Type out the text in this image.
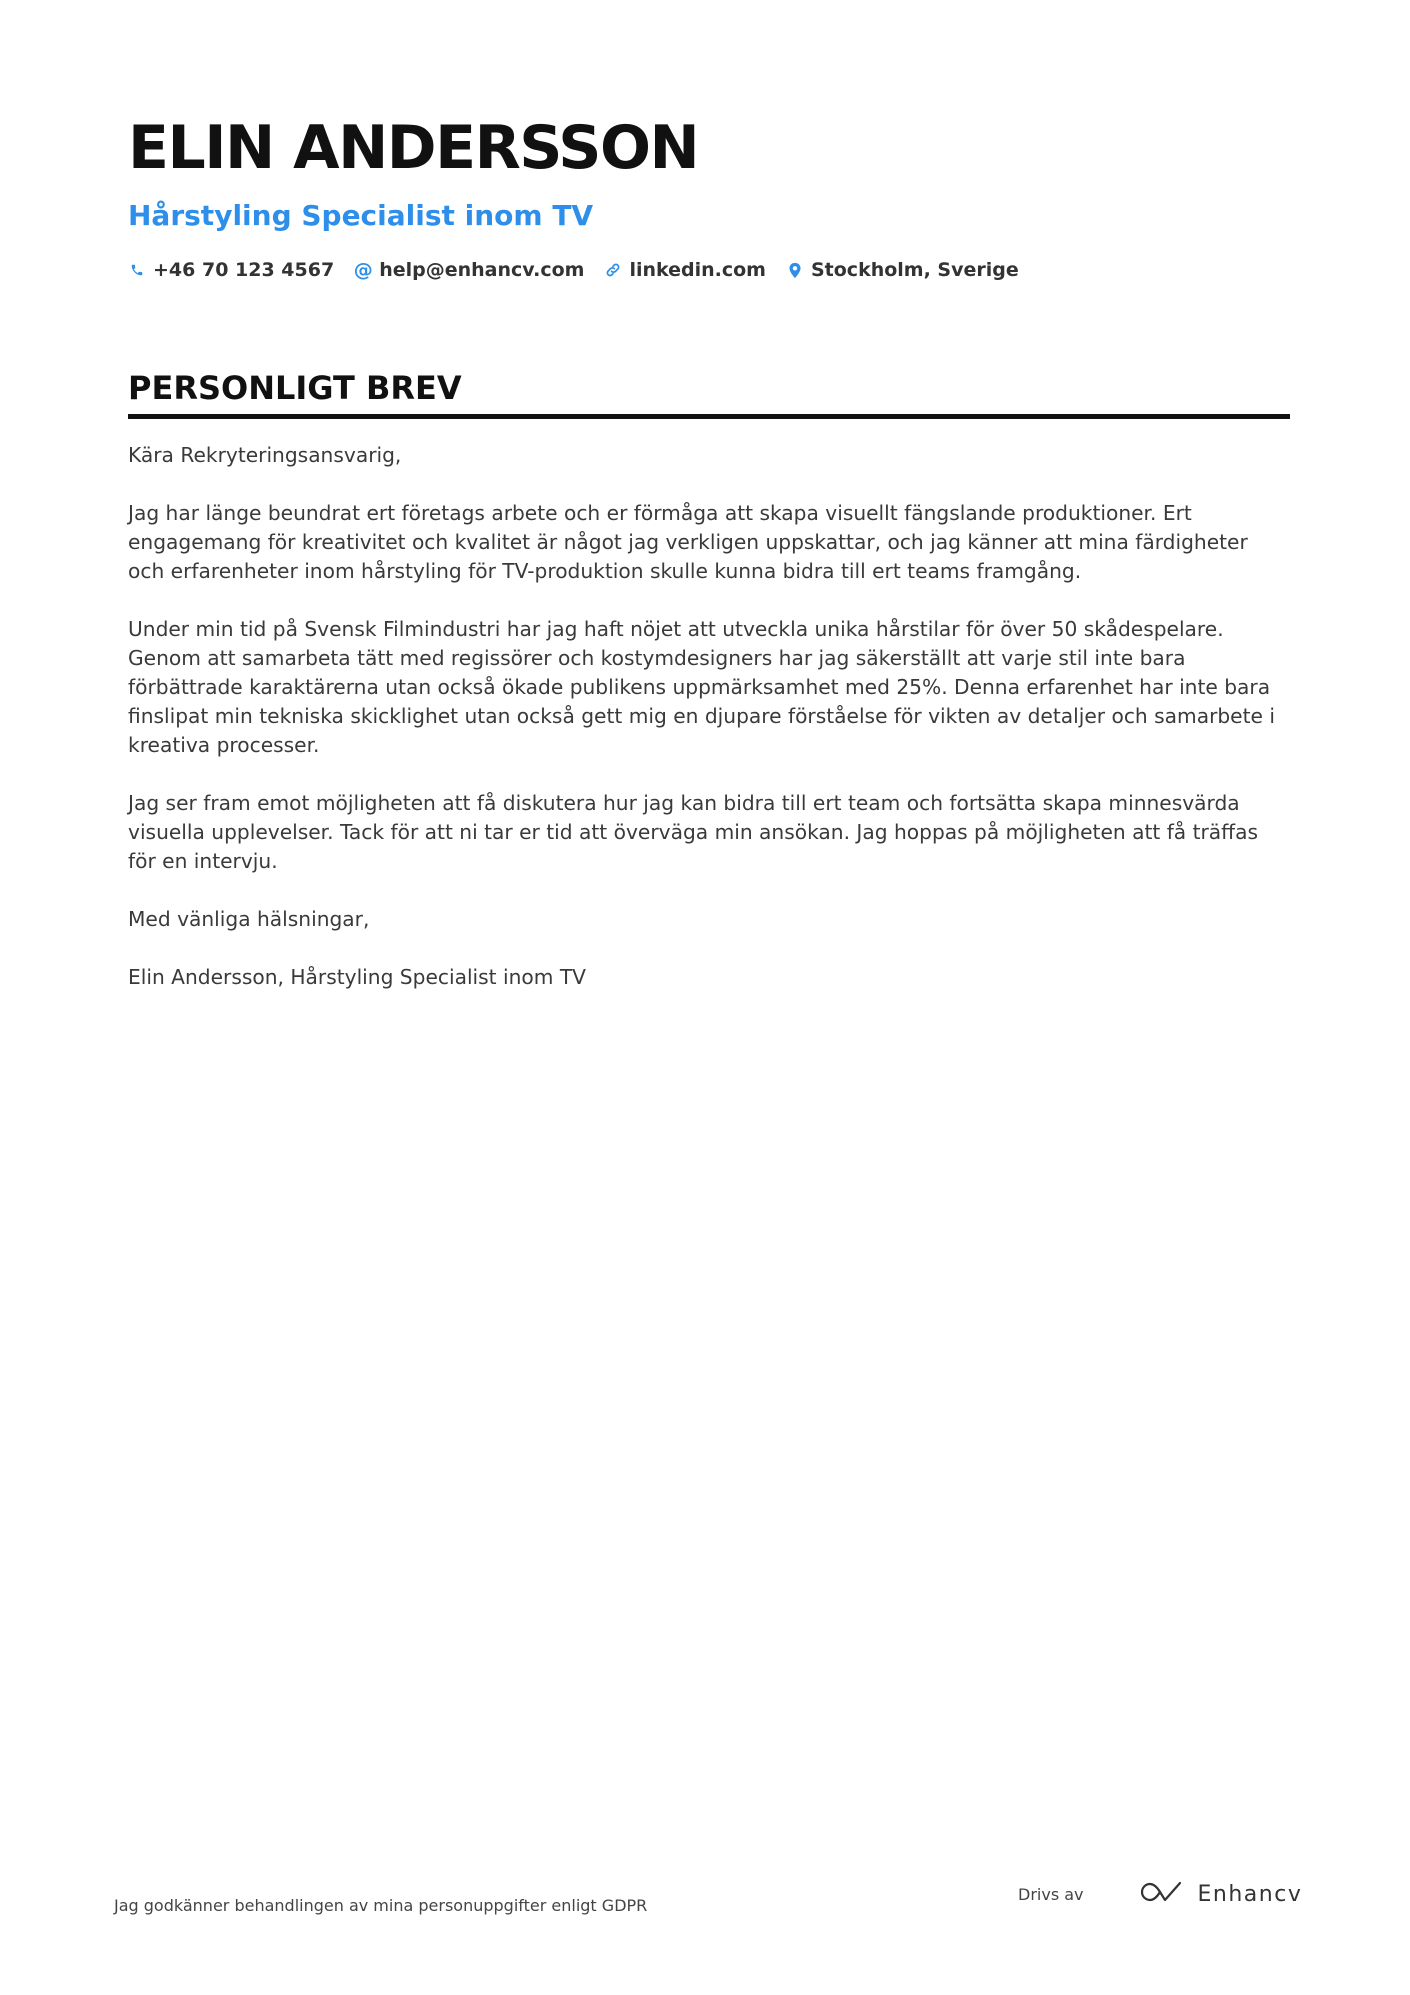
ELIN ANDERSSON
Hårstyling Specialist inom TV
+46 70 123 4567 @ help@enhancv.com linkedin.com Stockholm, Sverige
PERSONLIGT BREV

Kära Rekryteringsansvarig,

Jag har länge beundrat ert företags arbete och er förmåga att skapa visuellt fängslande produktioner. Ert engagemang för kreativitet och kvalitet är något jag verkligen uppskattar, och jag känner att mina färdigheter och erfarenheter inom hårstyling för TV-produktion skulle kunna bidra till ert teams framgång.

Under min tid på Svensk Filmindustri har jag haft nöjet att utveckla unika hårstilar för över 50 skådespelare. Genom att samarbeta tätt med regissörer och kostymdesigners har jag säkerställt att varje stil inte bara förbättrade karaktärerna utan också ökade publikens uppmärksamhet med 25%. Denna erfarenhet har inte bara finslipat min tekniska skicklighet utan också gett mig en djupare förståelse för vikten av detaljer och samarbete i kreativa processer.

Jag ser fram emot möjligheten att få diskutera hur jag kan bidra till ert team och fortsätta skapa minnesvärda visuella upplevelser. Tack för att ni tar er tid att överväga min ansökan. Jag hoppas på möjligheten att få träffas för en intervju.

Med vänliga hälsningar,

Elin Andersson, Hårstyling Specialist inom TV

Jag godkänner behandlingen av mina personuppgifter enligt GDPR
Drivs av	Enhancv
